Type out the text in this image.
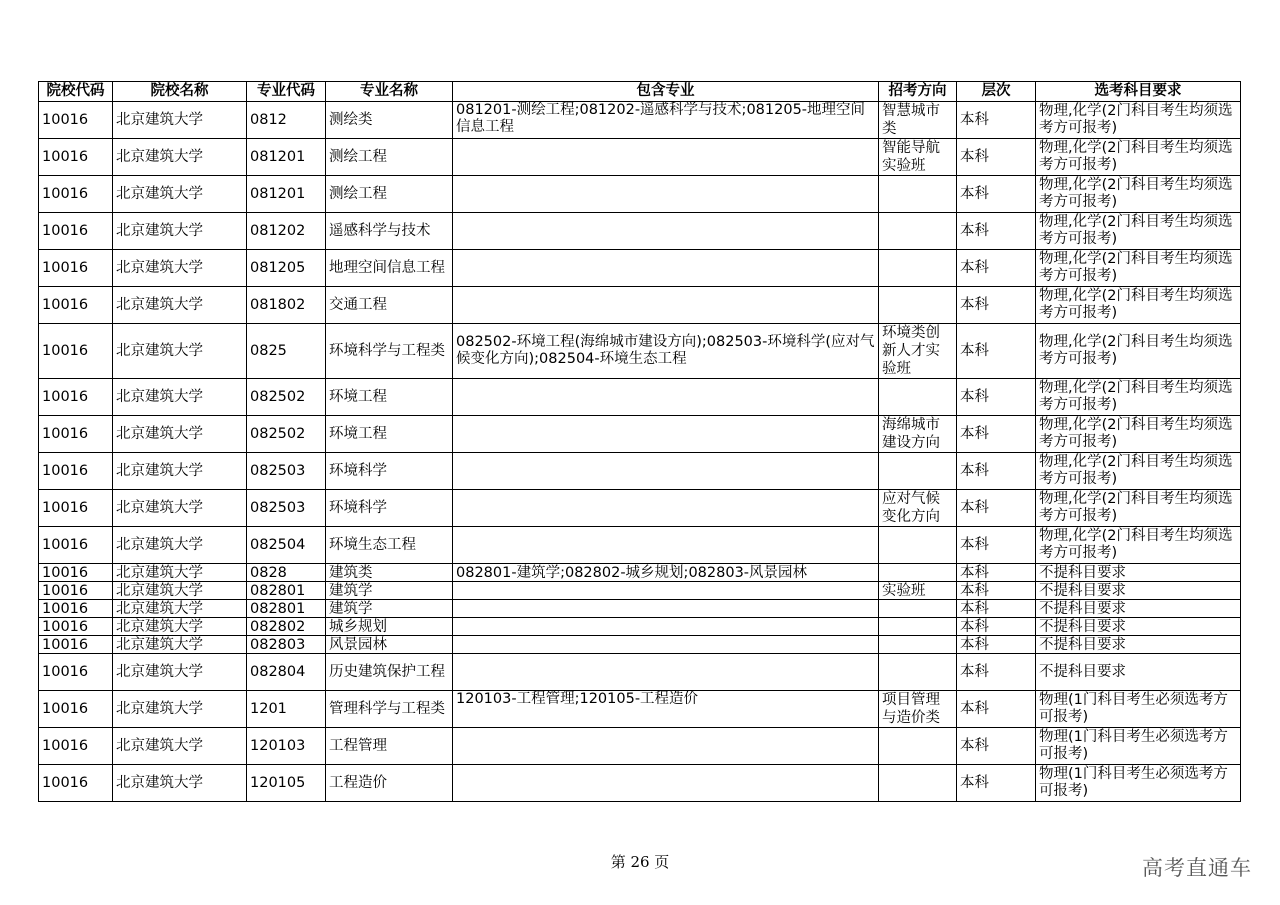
院校代码	院校名称	专业代码	专业名称	包含专业	招考方向	层次	选考科目要求
10016	北京建筑大学	0812	测绘类	081201-测绘工程;081202-遥感科学与技术;081205-地理空间信息工程	智慧城市类	本科	物理,化学(2门科目考生均须选考方可报考)
10016	北京建筑大学	081201	测绘工程		智能导航实验班	本科	物理,化学(2门科目考生均须选考方可报考)
10016	北京建筑大学	081201	测绘工程			本科	物理,化学(2门科目考生均须选考方可报考)
10016	北京建筑大学	081202	遥感科学与技术			本科	物理,化学(2门科目考生均须选考方可报考)
10016	北京建筑大学	081205	地理空间信息工程			本科	物理,化学(2门科目考生均须选考方可报考)
10016	北京建筑大学	081802	交通工程			本科	物理,化学(2门科目考生均须选考方可报考)
10016	北京建筑大学	0825	环境科学与工程类	082502-环境工程(海绵城市建设方向);082503-环境科学(应对气候变化方向);082504-环境生态工程	环境类创新人才实验班	本科	物理,化学(2门科目考生均须选考方可报考)
10016	北京建筑大学	082502	环境工程			本科	物理,化学(2门科目考生均须选考方可报考)
10016	北京建筑大学	082502	环境工程		海绵城市建设方向	本科	物理,化学(2门科目考生均须选考方可报考)
10016	北京建筑大学	082503	环境科学			本科	物理,化学(2门科目考生均须选考方可报考)
10016	北京建筑大学	082503	环境科学		应对气候变化方向	本科	物理,化学(2门科目考生均须选考方可报考)
10016	北京建筑大学	082504	环境生态工程			本科	物理,化学(2门科目考生均须选考方可报考)
10016	北京建筑大学	0828	建筑类	082801-建筑学;082802-城乡规划;082803-风景园林		本科	不提科目要求
10016	北京建筑大学	082801	建筑学		实验班	本科	不提科目要求
10016	北京建筑大学	082801	建筑学			本科	不提科目要求
10016	北京建筑大学	082802	城乡规划			本科	不提科目要求
10016	北京建筑大学	082803	风景园林			本科	不提科目要求
10016	北京建筑大学	082804	历史建筑保护工程			本科	不提科目要求
10016	北京建筑大学	1201	管理科学与工程类	120103-工程管理;120105-工程造价	项目管理与造价类	本科	物理(1门科目考生必须选考方可报考)
10016	北京建筑大学	120103	工程管理			本科	物理(1门科目考生必须选考方可报考)
10016	北京建筑大学	120105	工程造价			本科	物理(1门科目考生必须选考方可报考)
第 26 页	高考直通车
